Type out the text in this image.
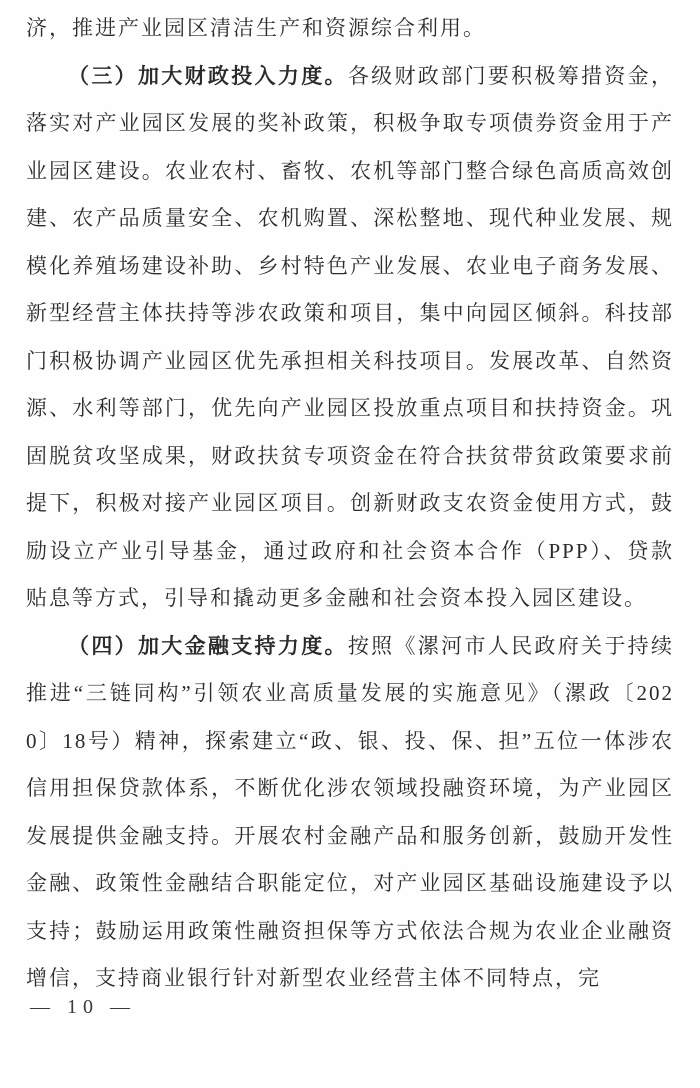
济，推进产业园区清洁生产和资源综合利用。

（三）加大财政投入力度。各级财政部门要积极筹措资金，落实对产业园区发展的奖补政策，积极争取专项债券资金用于产业园区建设。农业农村、畜牧、农机等部门整合绿色高质高效创建、农产品质量安全、农机购置、深松整地、现代种业发展、规模化养殖场建设补助、乡村特色产业发展、农业电子商务发展、新型经营主体扶持等涉农政策和项目，集中向园区倾斜。科技部门积极协调产业园区优先承担相关科技项目。发展改革、自然资源、水利等部门，优先向产业园区投放重点项目和扶持资金。巩固脱贫攻坚成果，财政扶贫专项资金在符合扶贫带贫政策要求前提下，积极对接产业园区项目。创新财政支农资金使用方式，鼓励设立产业引导基金，通过政府和社会资本合作（PPP）、贷款贴息等方式，引导和撬动更多金融和社会资本投入园区建设。

（四）加大金融支持力度。按照《漯河市人民政府关于持续推进“三链同构”引领农业高质量发展的实施意见》（漯政〔2020〕18号）精神，探索建立“政、银、投、保、担”五位一体涉农信用担保贷款体系，不断优化涉农领域投融资环境，为产业园区发展提供金融支持。开展农村金融产品和服务创新，鼓励开发性金融、政策性金融结合职能定位，对产业园区基础设施建设予以支持；鼓励运用政策性融资担保等方式依法合规为农业企业融资增信，支持商业银行针对新型农业经营主体不同特点，完

— 10 —
